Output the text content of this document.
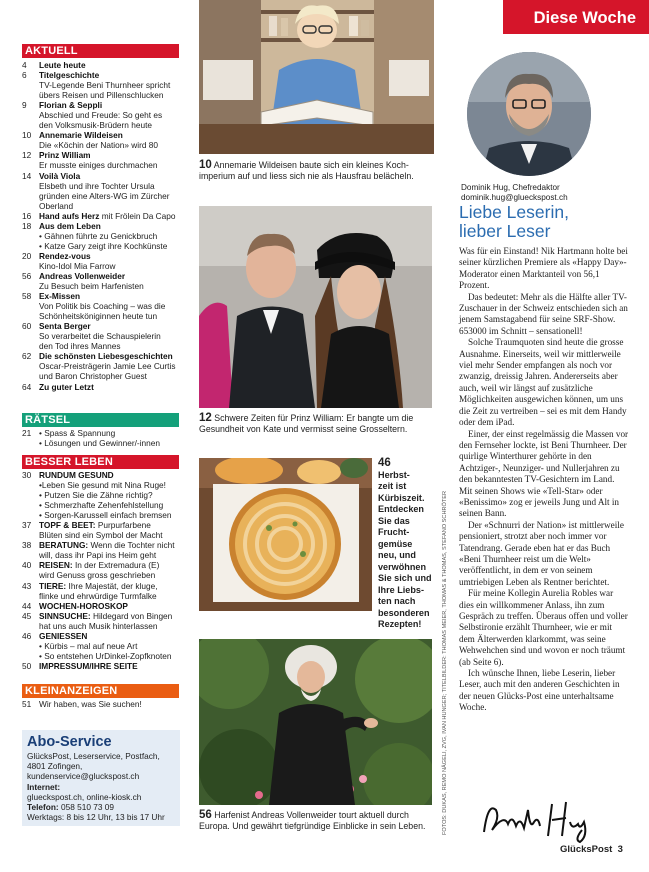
AKTUELL
4	Leute heute
6	Titelgeschichte
TV-Legende Beni Thurnheer spricht
übers Reisen und Pillenschlucken
9	Florian & Seppli
Abschied und Freude: So geht es
den Volksmusik-Brüdern heute
10 Annemarie Wildeisen
Die «Köchin der Nation» wird 80
12 Prinz William
Er musste einiges durchmachen
14 Voilà Viola
Elsbeth und ihre Tochter Ursula
gründen eine Alters-WG im Zürcher
Oberland
16 Hand aufs Herz mit Frölein Da Capo
18 Aus dem Leben
• Gähnen führte zu Genickbruch
• Katze Gary zeigt ihre Kochkünste
20 Rendez-vous
Kino-Idol Mia Farrow
56 Andreas Vollenweider
Zu Besuch beim Harfenisten
58 Ex-Missen
Von Politik bis Coaching – was die
Schönheitsköniginnen heute tun
60 Senta Berger
So verarbeitet die Schauspielerin
den Tod ihres Mannes
62 Die schönsten Liebesgeschichten
Oscar-Preisträgerin Jamie Lee Curtis
und Baron Christopher Guest
64 Zu guter Letzt
RÄTSEL
21 • Spass & Spannung
• Lösungen und Gewinner/-innen
BESSER LEBEN
30 RUNDUM GESUND
•Leben Sie gesund mit Nina Ruge!
• Putzen Sie die Zähne richtig?
• Schmerzhafte Zehenfehlstellung
• Sorgen-Karussell einfach bremsen
37 TOPF & BEET: Purpurfarbene
Blüten sind ein Symbol der Macht
38 BERATUNG: Wenn die Tochter nicht
will, dass ihr Papi ins Heim geht
40 REISEN: In der Extremadura (E)
wird Genuss gross geschrieben
43 TIERE: Ihre Majestät, der kluge,
flinke und ehrwürdige Turmfalke
44 WOCHEN-HOROSKOP
45 SINNSUCHE: Hildegard von Bingen
hat uns auch Musik hinterlassen
46 GENIESSEN
• Kürbis – mal auf neue Art
• So entstehen UrDinkel-Zopfknoten
50 IMPRESSUM/IHRE SEITE
KLEINANZEIGEN
51 Wir haben, was Sie suchen!
Abo-Service
GlücksPost, Leserservice, Postfach,
4801 Zofingen,
kundenservice@gluckspost.ch
Internet:
glueckspost.ch, online-kiosk.ch
Telefon: 058 510 73 09
Werktags: 8 bis 12 Uhr, 13 bis 17 Uhr
10 Annemarie Wildeisen baute sich ein kleines Koch-imperium auf und liess sich nie als Hausfrau belächeln.
12 Schwere Zeiten für Prinz William: Er bangte um die Gesundheit von Kate und vermisst seine Grosseltern.
46
Herbst-
zeit ist
Kürbiszeit.
Entdecken
Sie das
Frucht-
gemüse
neu, und
verwöhnen
Sie sich und
Ihre Liebs-
ten nach
besonderen
Rezepten!
56 Harfenist Andreas Vollenweider tourt aktuell durch Europa. Und gewährt tiefgründige Einblicke in sein Leben.	FOTOS: DUKAS, REMO NÄGELI, ZVG, IVAN HUNGER; TITELBILDER: THOMAS MEIER, THOMAS & THOMAS, STEFANO SCHRÖTER
Diese Woche
Dominik Hug, Chefredaktor
dominik.hug@glueckspost.ch
Liebe Leserin,
lieber Leser

Was für ein Einstand! Nik Hartmann holte bei seiner kürzlichen Premiere als «Happy Day»-Moderator einen Marktanteil von 56,1 Prozent.

Das bedeutet: Mehr als die Hälfte aller TV-Zuschauer in der Schweiz entschieden sich an jenem Samstagabend für seine SRF-Show. 653000 im Schnitt – sensationell!

Solche Traumquoten sind heute die grosse Ausnahme. Einerseits, weil wir mittlerweile viel mehr Sender empfangen als noch vor zwanzig, dreissig Jahren. Andererseits aber auch, weil wir längst auf zusätzliche Möglichkeiten ausgewichen können, um uns die Zeit zu vertreiben – sei es mit dem Handy oder dem iPad.

Einer, der einst regelmässig die Massen vor den Fernseher lockte, ist Beni Thurnheer. Der quirlige Winterthurer gehörte in den Achtziger-, Neunziger- und Nullerjahren zu den bekanntesten TV-Gesichtern im Land. Mit seinen Shows wie «Tell-Star» oder «Benissimo» zog er jeweils Jung und Alt in seinen Bann.

Der «Schnurri der Nation» ist mittlerweile pensioniert, strotzt aber noch immer vor Tatendrang. Gerade eben hat er das Buch «Beni Thurnheer reist um die Welt» veröffentlicht, in dem er von seinem umtriebigen Leben als Rentner berichtet.

Für meine Kollegin Aurelia Robles war dies ein willkommener Anlass, ihn zum Gespräch zu treffen. Überaus offen und voller Selbstironie erzählt Thurnheer, wie er mit dem Älterwerden klarkommt, was seine Wehwehchen sind und wovon er noch träumt (ab Seite 6).

Ich wünsche Ihnen, liebe Leserin, lieber Leser, auch mit den anderen Geschichten in der neuen Glücks-Post eine unterhaltsame Woche.

GlücksPost 3
